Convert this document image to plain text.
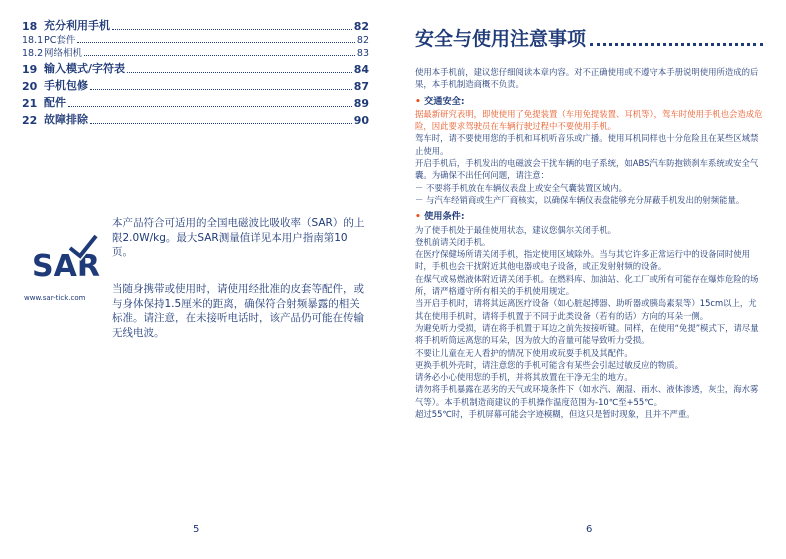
18 充分利用手机	82
18.1 PC套件	82
18.2 网络相机	83
19 输入模式/字符表	84
20 手机包修	87
21 配件	89
22 故障排除	90
SAR
www.sar-tick.com

本产品符合可适用的全国电磁波比吸收率（SAR）的上限2.0W/kg。最大SAR测量值详见本用户指南第10页。

当随身携带或使用时，请使用经批准的皮套等配件，或与身体保持1.5厘米的距离，确保符合射频暴露的相关标准。请注意，在未接听电话时，该产品仍可能在传输无线电波。

5
安全与使用注意事项

使用本手机前，建议您仔细阅读本章内容。对不正确使用或不遵守本手册说明使用所造成的后果，本手机制造商概不负责。

• 交通安全:

据最新研究表明，即使使用了免提装置（车用免提装置、耳机等），驾车时使用手机也会造成危险，因此要求驾驶员在车辆行驶过程中不要使用手机。

驾车时，请不要使用您的手机和耳机听音乐或广播。使用耳机同样也十分危险且在某些区域禁止使用。

开启手机后，手机发出的电磁波会干扰车辆的电子系统，如ABS汽车防抱锁刹车系统或安全气囊。为确保不出任何问题，请注意：

－ 不要将手机放在车辆仪表盘上或安全气囊装置区域内。

－ 与汽车经销商或生产厂商核实，以确保车辆仪表盘能够充分屏蔽手机发出的射频能量。

• 使用条件:

为了使手机处于最佳使用状态，建议您偶尔关闭手机。

登机前请关闭手机。

在医疗保健场所请关闭手机，指定使用区域除外。当与其它许多正常运行中的设备同时使用时，手机也会干扰附近其他电器或电子设备，或正发射射频的设备。

在煤气或易燃液体附近请关闭手机。在燃料库、加油站、化工厂或所有可能存在爆炸危险的场所，请严格遵守所有相关的手机使用规定。

当开启手机时，请将其远离医疗设备（如心脏起搏器、助听器或胰岛素泵等）15cm以上，尤其在使用手机时，请将手机置于不同于此类设备（若有的话）方向的耳朵一侧。

为避免听力受损，请在将手机置于耳边之前先按接听键。同样，在使用“免提”模式下，请尽量将手机听筒远离您的耳朵，因为放大的音量可能导致听力受损。

不要让儿童在无人看护的情况下使用或玩耍手机及其配件。

更换手机外壳时，请注意您的手机可能含有某些会引起过敏反应的物质。

请务必小心使用您的手机，并将其放置在干净无尘的地方。

请勿将手机暴露在恶劣的天气或环境条件下（如水汽、潮湿、雨水、液体渗透，灰尘，海水雾气等）。本手机制造商建议的手机操作温度范围为-10℃至+55℃。

超过55℃时，手机屏幕可能会字迹模糊，但这只是暂时现象，且并不严重。

6
